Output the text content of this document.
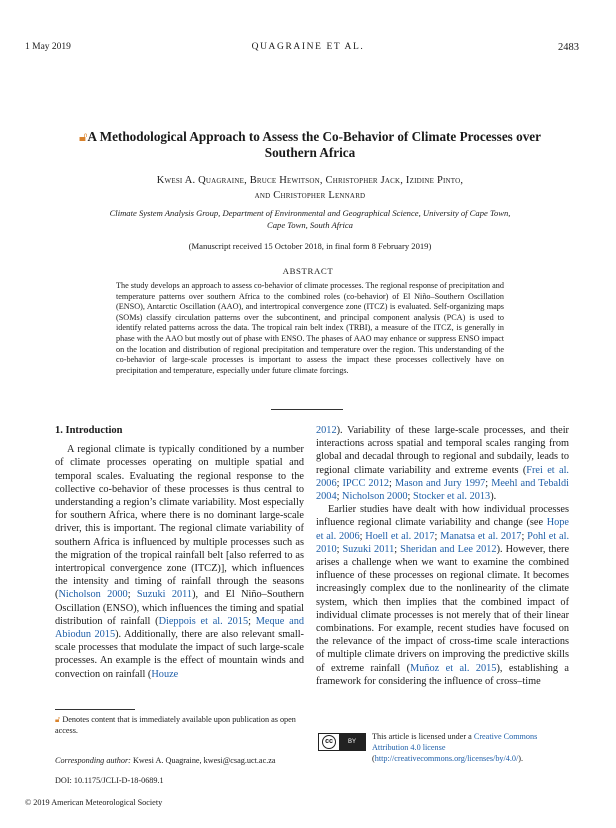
1 May 2019	QUAGRAINE ET AL.	2483
🔓︎A Methodological Approach to Assess the Co-Behavior of Climate Processes over Southern Africa
Kwesi A. Quagraine, Bruce Hewitson, Christopher Jack, Izidine Pinto,
and Christopher Lennard
Climate System Analysis Group, Department of Environmental and Geographical Science, University of Cape Town, Cape Town, South Africa
(Manuscript received 15 October 2018, in final form 8 February 2019)
ABSTRACT
The study develops an approach to assess co-behavior of climate processes. The regional response of precipitation and temperature patterns over southern Africa to the combined roles (co-behavior) of El Niño–Southern Oscillation (ENSO), Antarctic Oscillation (AAO), and intertropical convergence zone (ITCZ) is evaluated. Self-organizing maps (SOMs) classify circulation patterns over the subcontinent, and principal component analysis (PCA) is used to identify related patterns across the data. The tropical rain belt index (TRBI), a measure of the ITCZ, is generally in phase with the AAO but mostly out of phase with ENSO. The phases of AAO may enhance or suppress ENSO impact on the location and distribution of regional precipitation and temperature over the region. This understanding of the co-behavior of large-scale processes is important to assess the impact these processes collectively have on precipitation and temperature, especially under future climate forcings.
1. Introduction

A regional climate is typically conditioned by a number of climate processes operating on multiple spatial and temporal scales. Evaluating the regional response to the collective co-behavior of these processes is thus central to understanding a region’s climate variability. Most especially for southern Africa, where there is no dominant large-scale driver, this is important. The regional climate variability of southern Africa is influenced by multiple processes such as the migration of the tropical rainfall belt [also referred to as intertropical convergence zone (ITCZ)], which influences the intensity and timing of rainfall through the seasons (Nicholson 2000; Suzuki 2011), and El Niño–Southern Oscillation (ENSO), which influences the timing and spatial distribution of rainfall (Dieppois et al. 2015; Meque and Abiodun 2015). Additionally, there are also relevant small-scale processes that modulate the impact of such large-scale processes. An example is the effect of mountain winds and convection on rainfall (Houze

2012). Variability of these large-scale processes, and their interactions across spatial and temporal scales ranging from global and decadal through to regional and subdaily, leads to regional climate variability and extreme events (Frei et al. 2006; IPCC 2012; Mason and Jury 1997; Meehl and Tebaldi 2004; Nicholson 2000; Stocker et al. 2013).

Earlier studies have dealt with how individual processes influence regional climate variability and change (see Hope et al. 2006; Hoell et al. 2017; Manatsa et al. 2017; Pohl et al. 2010; Suzuki 2011; Sheridan and Lee 2012). However, there arises a challenge when we want to examine the combined influence of these processes on regional climate. It becomes increasingly complex due to the nonlinearity of the climate system, which then implies that the combined impact of individual climate processes is not merely that of their linear combinations. For example, recent studies have focused on the relevance of the impact of cross-time scale interactions of multiple climate drivers on improving the predictive skills of extreme rainfall (Muñoz et al. 2015), establishing a framework for considering the influence of cross–time

🔓︎ Denotes content that is immediately available upon publication as open access.
Corresponding author: Kwesi A. Quagraine, kwesi@csag.uct.ac.za
DOI: 10.1175/JCLI-D-18-0689.1
© 2019 American Meteorological Society
cc	BY
This article is licensed under a Creative Commons Attribution 4.0 license (http://creativecommons.org/licenses/by/4.0/).
